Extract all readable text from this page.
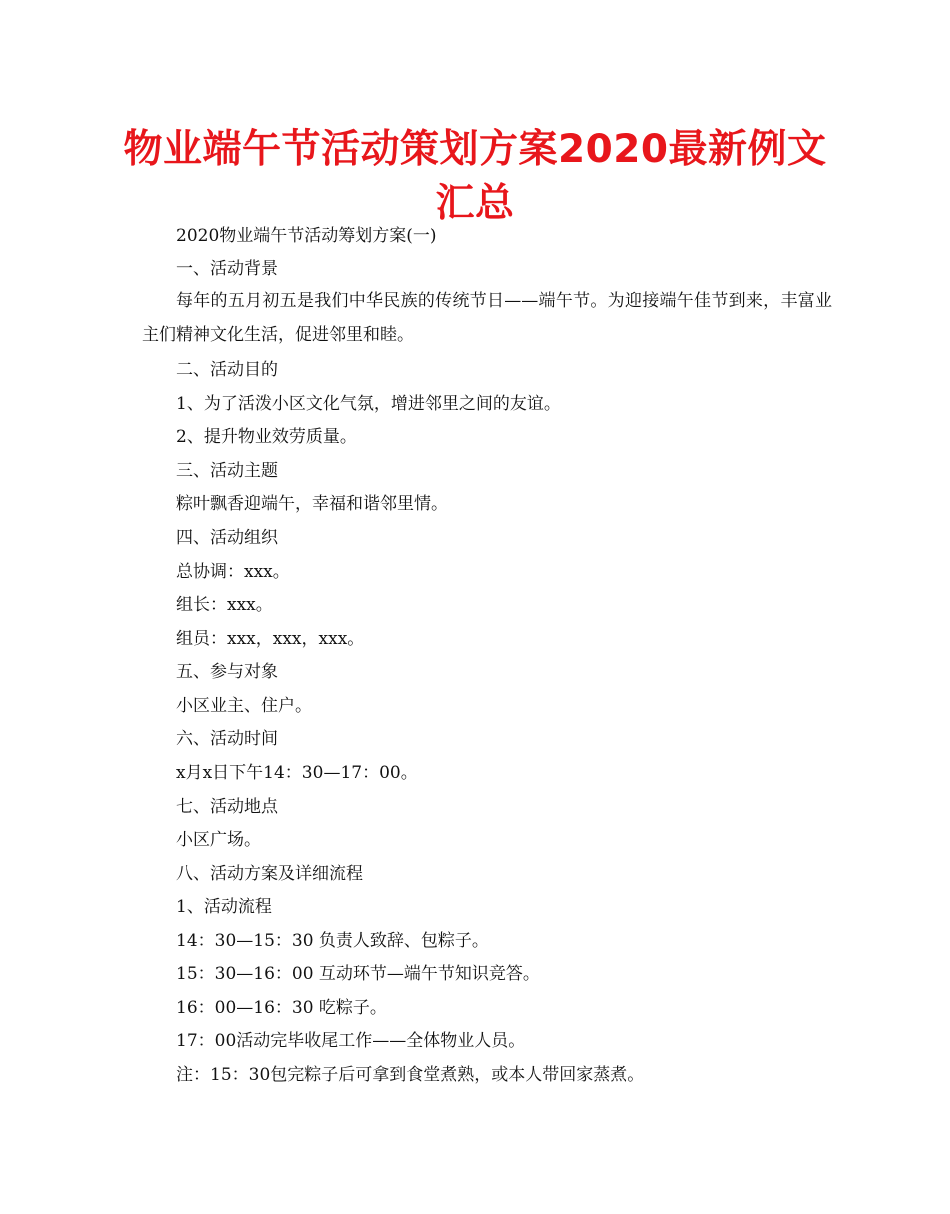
物业端午节活动策划方案2020最新例文汇总

2020物业端午节活动筹划方案(一)

一、活动背景

每年的五月初五是我们中华民族的传统节日——端午节。为迎接端午佳节到来，丰富业主们精神文化生活，促进邻里和睦。

二、活动目的

1、为了活泼小区文化气氛，增进邻里之间的友谊。

2、提升物业效劳质量。

三、活动主题

粽叶飘香迎端午，幸福和谐邻里情。

四、活动组织

总协调：xxx。

组长：xxx。

组员：xxx，xxx，xxx。

五、参与对象

小区业主、住户。

六、活动时间

x月x日下午14：30—17：00。

七、活动地点

小区广场。

八、活动方案及详细流程

1、活动流程

14：30—15：30 负责人致辞、包粽子。

15：30—16：00 互动环节—端午节知识竞答。

16：00—16：30 吃粽子。

17：00活动完毕收尾工作——全体物业人员。

注：15：30包完粽子后可拿到食堂煮熟，或本人带回家蒸煮。
